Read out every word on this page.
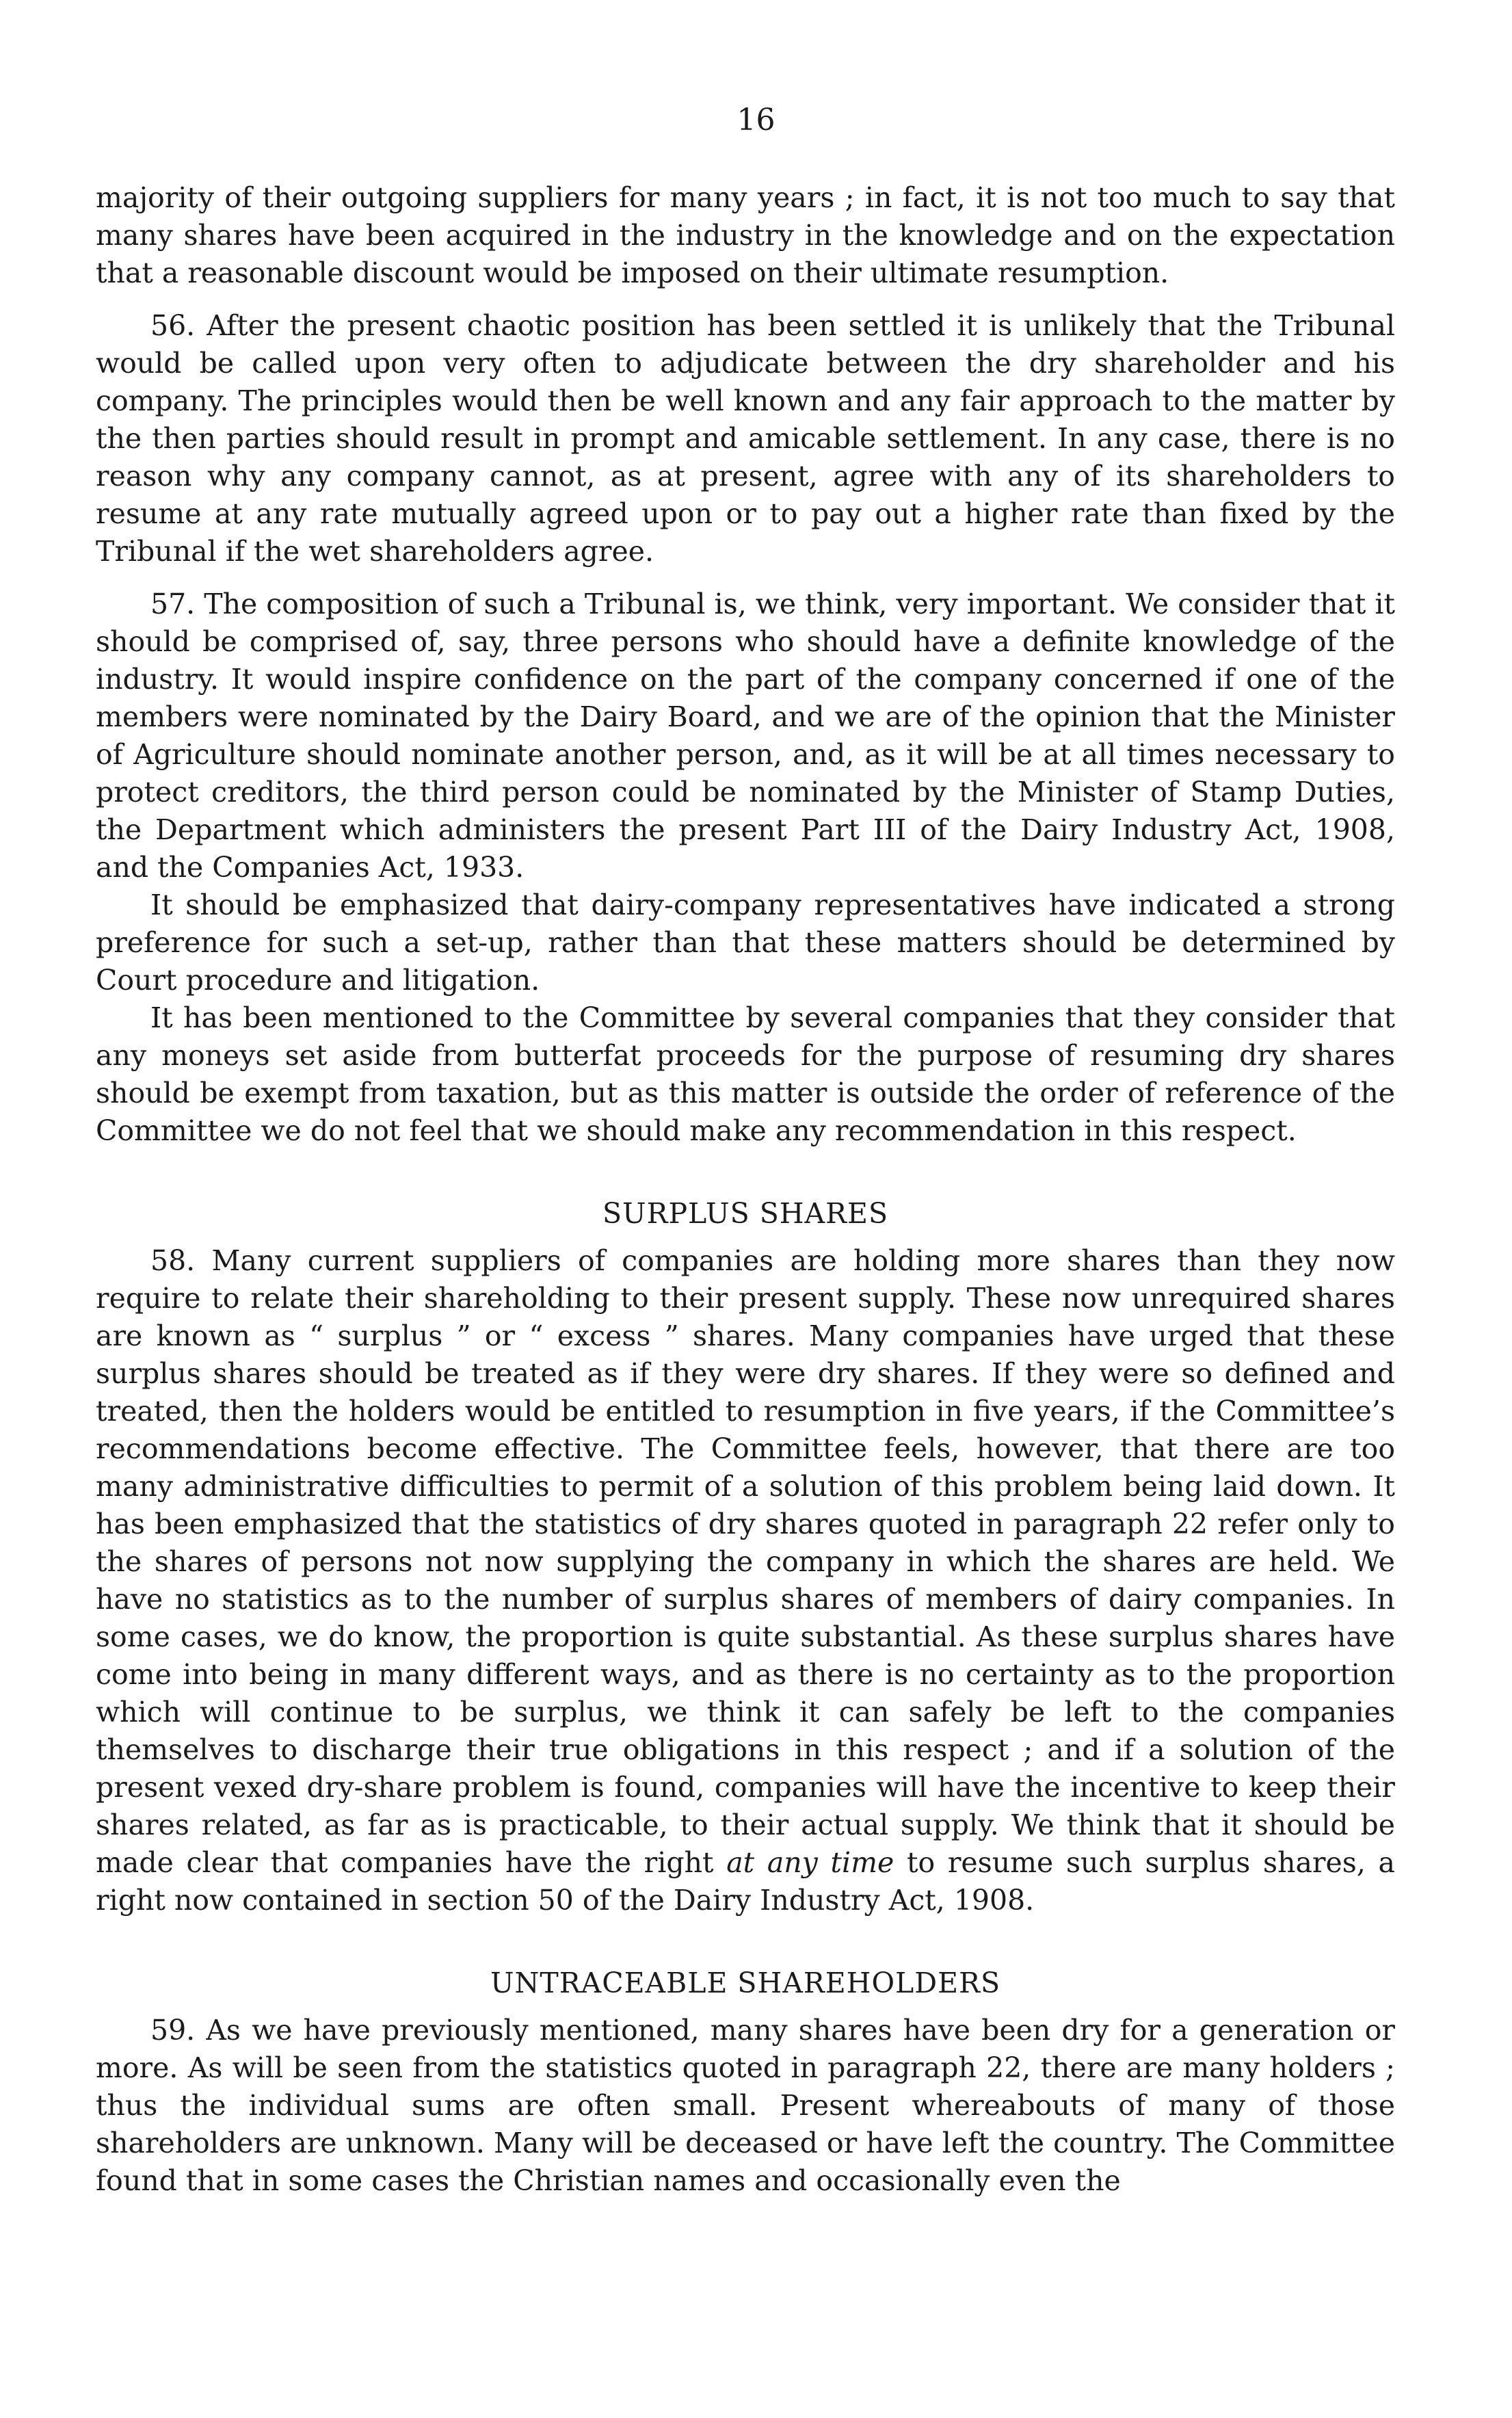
16

majority of their outgoing suppliers for many years ; in fact, it is not too much to say that many shares have been acquired in the industry in the knowledge and on the expectation that a reasonable discount would be imposed on their ultimate resumption.

56. After the present chaotic position has been settled it is unlikely that the Tribunal would be called upon very often to adjudicate between the dry shareholder and his company. The principles would then be well known and any fair approach to the matter by the then parties should result in prompt and amicable settlement. In any case, there is no reason why any company cannot, as at present, agree with any of its shareholders to resume at any rate mutually agreed upon or to pay out a higher rate than fixed by the Tribunal if the wet shareholders agree.

57. The composition of such a Tribunal is, we think, very important. We consider that it should be comprised of, say, three persons who should have a definite knowledge of the industry. It would inspire confidence on the part of the company concerned if one of the members were nominated by the Dairy Board, and we are of the opinion that the Minister of Agriculture should nominate another person, and, as it will be at all times necessary to protect creditors, the third person could be nominated by the Minister of Stamp Duties, the Department which administers the present Part III of the Dairy Industry Act, 1908, and the Companies Act, 1933.

It should be emphasized that dairy-company representatives have indicated a strong preference for such a set-up, rather than that these matters should be determined by Court procedure and litigation.

It has been mentioned to the Committee by several companies that they consider that any moneys set aside from butterfat proceeds for the purpose of resuming dry shares should be exempt from taxation, but as this matter is outside the order of reference of the Committee we do not feel that we should make any recommendation in this respect.

SURPLUS SHARES

58. Many current suppliers of companies are holding more shares than they now require to relate their shareholding to their present supply. These now unrequired shares are known as “ surplus ” or “ excess ” shares. Many companies have urged that these surplus shares should be treated as if they were dry shares. If they were so defined and treated, then the holders would be entitled to resumption in five years, if the Committee’s recommendations become effective. The Committee feels, however, that there are too many administrative difficulties to permit of a solution of this problem being laid down. It has been emphasized that the statistics of dry shares quoted in paragraph 22 refer only to the shares of persons not now supplying the company in which the shares are held. We have no statistics as to the number of surplus shares of members of dairy companies. In some cases, we do know, the proportion is quite substantial. As these surplus shares have come into being in many different ways, and as there is no certainty as to the proportion which will continue to be surplus, we think it can safely be left to the companies themselves to discharge their true obligations in this respect ; and if a solution of the present vexed dry-share problem is found, companies will have the incentive to keep their shares related, as far as is practicable, to their actual supply. We think that it should be made clear that companies have the right at any time to resume such surplus shares, a right now contained in section 50 of the Dairy Industry Act, 1908.

UNTRACEABLE SHAREHOLDERS

59. As we have previously mentioned, many shares have been dry for a generation or more. As will be seen from the statistics quoted in paragraph 22, there are many holders ; thus the individual sums are often small. Present whereabouts of many of those shareholders are unknown. Many will be deceased or have left the country. The Committee found that in some cases the Christian names and occasionally even the
